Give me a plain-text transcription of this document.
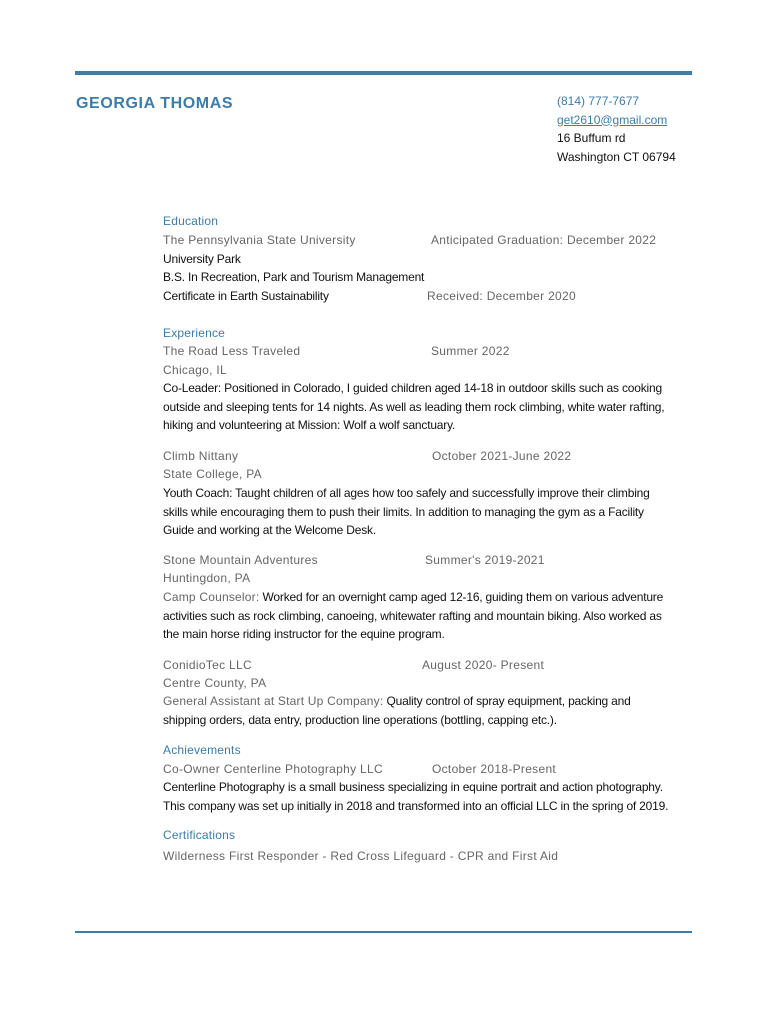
GEORGIA THOMAS	(814) 777-7677
get2610@gmail.com
16 Buffum rd
Washington CT 06794
Education
The Pennsylvania State University	Anticipated Graduation: December 2022
University Park
B.S. In Recreation, Park and Tourism Management
Certificate in Earth Sustainability	Received: December 2020
Experience
The Road Less Traveled	Summer 2022
Chicago, IL
Co-Leader: Positioned in Colorado, I guided children aged 14-18 in outdoor skills such as cooking
outside and sleeping tents for 14 nights. As well as leading them rock climbing, white water rafting,
hiking and volunteering at Mission: Wolf a wolf sanctuary.
Climb Nittany	October 2021-June 2022
State College, PA
Youth Coach: Taught children of all ages how too safely and successfully improve their climbing
skills while encouraging them to push their limits. In addition to managing the gym as a Facility
Guide and working at the Welcome Desk.
Stone Mountain Adventures	Summer's 2019-2021
Huntingdon, PA
Camp Counselor: Worked for an overnight camp aged 12-16, guiding them on various adventure
activities such as rock climbing, canoeing, whitewater rafting and mountain biking. Also worked as
the main horse riding instructor for the equine program.
ConidioTec LLC	August 2020- Present
Centre County, PA
General Assistant at Start Up Company: Quality control of spray equipment, packing and
shipping orders, data entry, production line operations (bottling, capping etc.).
Achievements
Co-Owner Centerline Photography LLC	October 2018-Present
Centerline Photography is a small business specializing in equine portrait and action photography.
This company was set up initially in 2018 and transformed into an official LLC in the spring of 2019.
Certifications
Wilderness First Responder - Red Cross Lifeguard - CPR and First Aid
